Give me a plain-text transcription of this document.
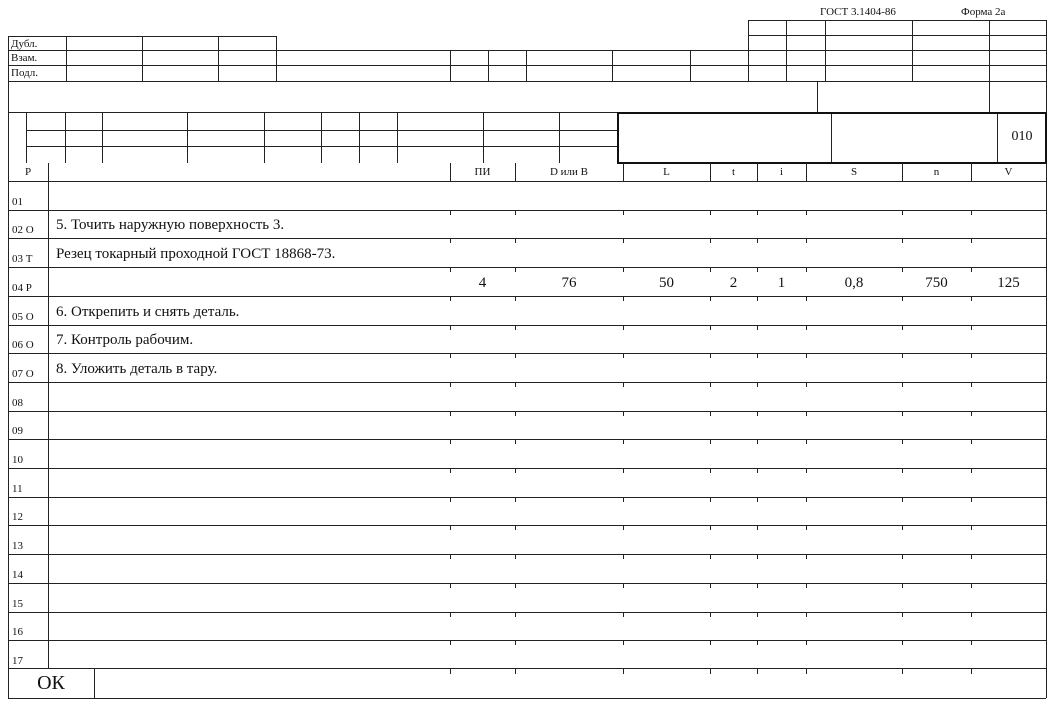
ГОСТ 3.1404-86	Форма 2а
Дубл.
Взам.
Подл.
010
Р	ПИ	D или B	L	t	i	S	n	V
01
02 О 5. Точить наружную поверхность 3.
03 Т Резец токарный проходной ГОСТ 18868-73.
04 Р	4	76	50	2	1	0,8	750	125
05 О 6. Открепить и снять деталь.
06 О 7. Контроль рабочим.
07 О 8. Уложить деталь в тару.
08
09
10
11
12
13
14
15
16
17
ОК
